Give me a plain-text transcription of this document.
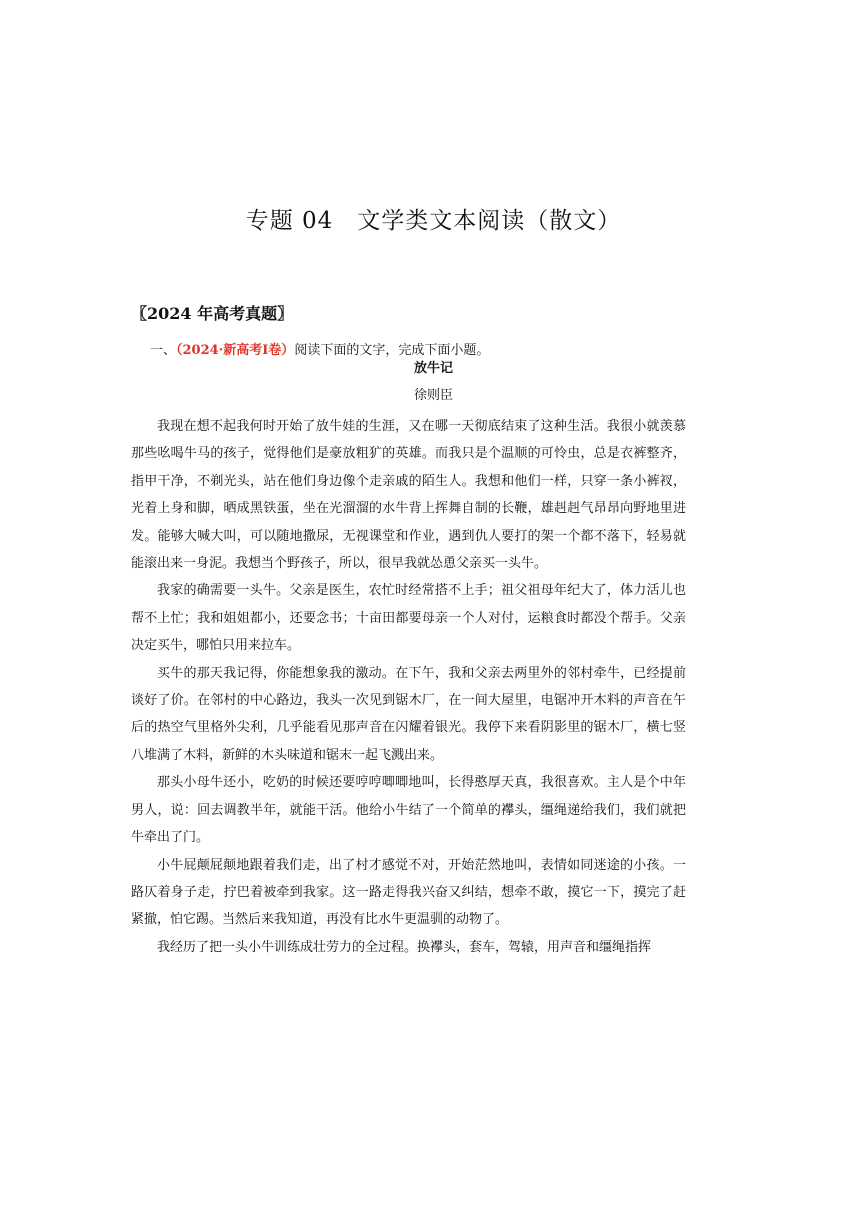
专题 04　文学类文本阅读（散文）
〖2024 年高考真题〗
一、（2024·新高考Ⅰ卷）阅读下面的文字，完成下面小题。
放牛记
徐则臣

我现在想不起我何时开始了放牛娃的生涯，又在哪一天彻底结束了这种生活。我很小就羡慕那些吆喝牛马的孩子，觉得他们是豪放粗犷的英雄。而我只是个温顺的可怜虫，总是衣裤整齐，指甲干净，不剃光头，站在他们身边像个走亲戚的陌生人。我想和他们一样，只穿一条小裤衩，光着上身和脚，晒成黑铁蛋，坐在光溜溜的水牛背上挥舞自制的长鞭，雄赳赳气昂昂向野地里进发。能够大喊大叫，可以随地撒尿，无视课堂和作业，遇到仇人要打的架一个都不落下，轻易就能滚出来一身泥。我想当个野孩子，所以，很早我就怂恿父亲买一头牛。

我家的确需要一头牛。父亲是医生，农忙时经常搭不上手；祖父祖母年纪大了，体力活儿也帮不上忙；我和姐姐都小，还要念书；十亩田都要母亲一个人对付，运粮食时都没个帮手。父亲决定买牛，哪怕只用来拉车。

买牛的那天我记得，你能想象我的激动。在下午，我和父亲去两里外的邻村牵牛，已经提前谈好了价。在邻村的中心路边，我头一次见到锯木厂，在一间大屋里，电锯冲开木料的声音在午后的热空气里格外尖利，几乎能看见那声音在闪耀着银光。我停下来看阴影里的锯木厂，横七竖八堆满了木料，新鲜的木头味道和锯末一起飞溅出来。

那头小母牛还小，吃奶的时候还要哼哼唧唧地叫，长得憨厚天真，我很喜欢。主人是个中年男人，说：回去调教半年，就能干活。他给小牛结了一个简单的襻头，缰绳递给我们，我们就把牛牵出了门。

小牛屁颠屁颠地跟着我们走，出了村才感觉不对，开始茫然地叫，表情如同迷途的小孩。一路仄着身子走，拧巴着被牵到我家。这一路走得我兴奋又纠结，想牵不敢，摸它一下，摸完了赶紧撤，怕它踢。当然后来我知道，再没有比水牛更温驯的动物了。

我经历了把一头小牛训练成壮劳力的全过程。换襻头，套车，驾辕，用声音和缰绳指挥
